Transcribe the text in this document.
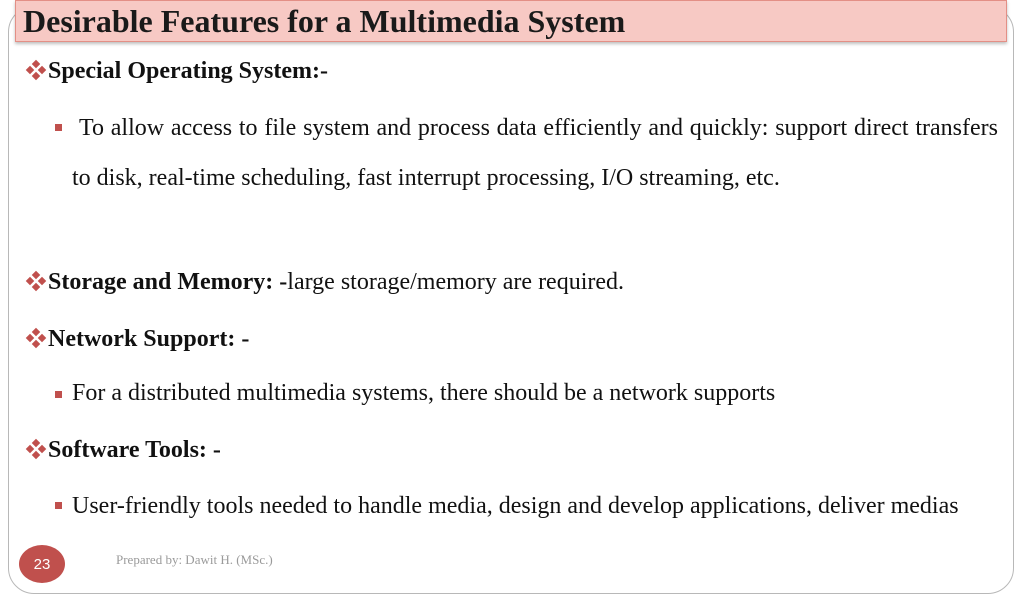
Desirable Features for a Multimedia System
Special Operating System:-
To allow access to file system and process data efficiently and quickly: support direct transfers to disk, real-time scheduling, fast interrupt processing, I/O streaming, etc.
Storage and Memory: -large storage/memory are required.
Network Support: -
For a distributed multimedia systems, there should be a network supports
Software Tools: -
User-friendly tools needed to handle media, design and develop applications, deliver medias
Prepared by: Dawit H. (MSc.)
23
